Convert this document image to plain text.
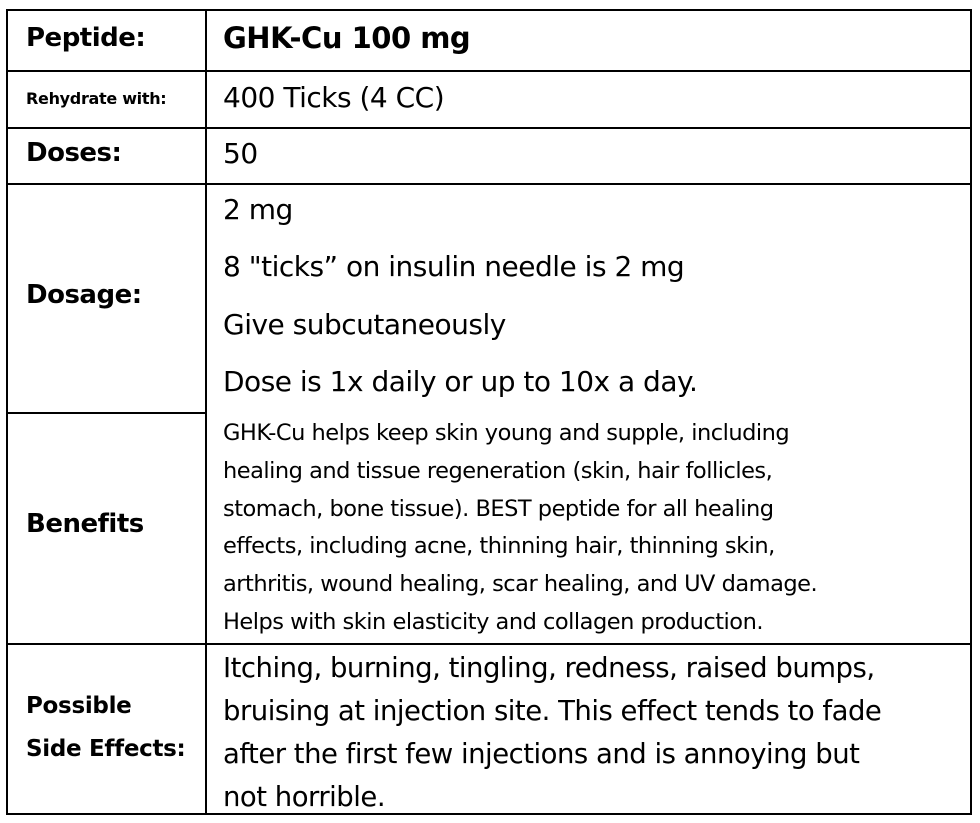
Peptide:	GHK-Cu 100 mg
Rehydrate with: 400 Ticks (4 CC)
Doses:	50
Dosage:
2 mg
8 "ticks” on insulin needle is 2 mg
Give subcutaneously
Dose is 1x daily or up to 10x a day.
Benefits
GHK-Cu helps keep skin young and supple, including
healing and tissue regeneration (skin, hair follicles,
stomach, bone tissue). BEST peptide for all healing
effects, including acne, thinning hair, thinning skin,
arthritis, wound healing, scar healing, and UV damage.
Helps with skin elasticity and collagen production.
Possible
Side Effects:
Itching, burning, tingling, redness, raised bumps,
bruising at injection site. This effect tends to fade
after the first few injections and is annoying but
not horrible.
